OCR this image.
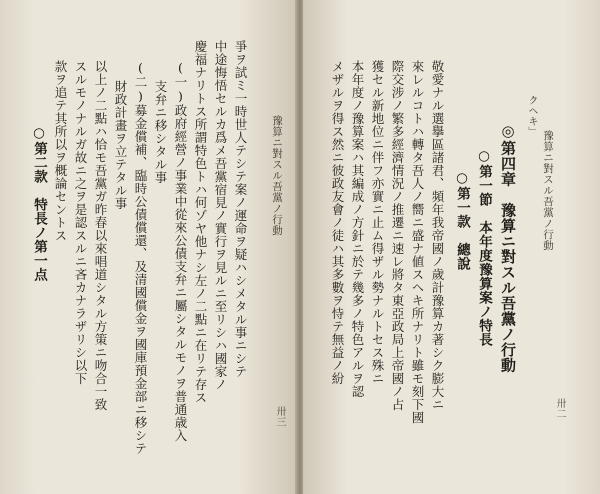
豫算ニ對スル吾黨ノ行動
卅三
爭ヲ試ミ一時世人テシテ案ノ運命ヲ疑ハシメタル事ニシテ
中途悔悟セルカ爲メ吾黨宿見ノ實行ヲ見ルニ至リシハ國家ノ
慶福ナリトス所謂特色トハ何ゾヤ他ナシ左ノ二點ニ在リテ存ス
(一)政府經營ノ事業中從來公債支弁ニ屬シタルモノヲ普通歳入
支弁ニ移シタル事
(二)募金償補、臨時公債償還、及清國償金ヲ國庫預金部ニ移シテ
財政計畫ヲ立テタル事
以上ノ二點ハ恰モ吾黨ガ昨春以來唱道シタル方策ニ吻合一致
スルモノナルガ故ニ之ヲ是認スルニ吝カナラザリシ以下
款ヲ追テ其所以ヲ概論セントス
○第二款　特長ノ第一点	豫算ニ對スル吾黨ノ行動
卅二
クヘキ」
◎第四章　豫算ニ對スル吾黨ノ行動
○第一節　本年度豫算案ノ特長
○第一款　總說
敬愛ナル選擧區諸君、頻年我帝國ノ歲計豫算カ著シク膨大ニ
來レルコトハ轉タ吾人ノ嚮ニ盛ナ値スヘキ所ナリト雖モ刻下國
際交涉ノ繁多經濟情況ノ推遷ニ速レ將タ東亞政局上帝國ノ占
獲セル新地位ニ伴フ亦實ニ止ム得ザル勢ナルトセス殊ニ
本年度ノ豫算案ハ其編成ノ方針ニ於テ幾多ノ特色アルヲ認
メザルヲ得ス然ニ彼政友會ノ徒ハ其多數ヲ恃テ無益ノ紛
